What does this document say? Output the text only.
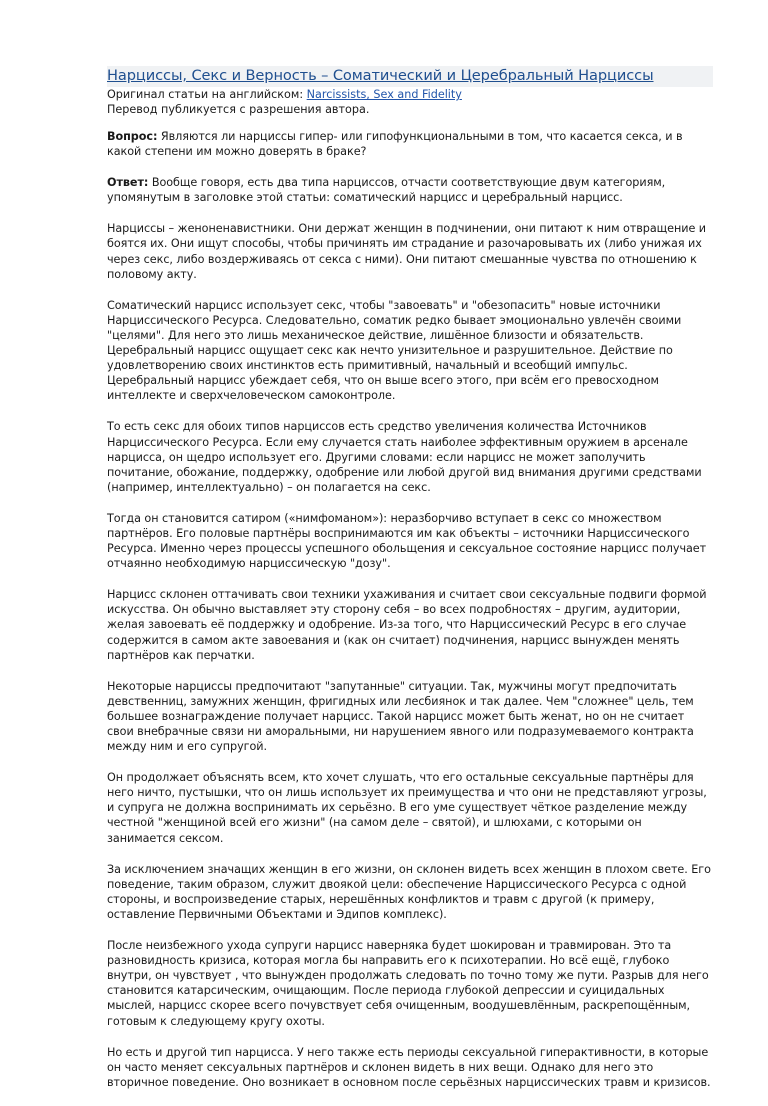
Нарциссы, Секс и Верность – Соматический и Церебральный Нарциссы
Оригинал статьи на английском: Narcissists, Sex and Fidelity
Перевод публикуется с разрешения автора.

Вопрос: Являются ли нарциссы гипер- или гипофункциональными в том, что касается секса, и в какой степени им можно доверять в браке?

Ответ: Вообще говоря, есть два типа нарциссов, отчасти соответствующие двум категориям, упомянутым в заголовке этой статьи: соматический нарцисс и церебральный нарцисс.

Нарциссы – женоненавистники. Они держат женщин в подчинении, они питают к ним отвращение и боятся их. Они ищут способы, чтобы причинять им страдание и разочаровывать их (либо унижая их через секс, либо воздерживаясь от секса с ними). Они питают смешанные чувства по отношению к половому акту.

Соматический нарцисс использует секс, чтобы "завоевать" и "обезопасить" новые источники Нарциссического Ресурса. Следовательно, соматик редко бывает эмоционально увлечён своими "целями". Для него это лишь механическое действие, лишённое близости и обязательств. Церебральный нарцисс ощущает секс как нечто унизительное и разрушительное. Действие по удовлетворению своих инстинктов есть примитивный, начальный и всеобщий импульс. Церебральный нарцисс убеждает себя, что он выше всего этого, при всём его превосходном интеллекте и сверхчеловеческом самоконтроле.

То есть секс для обоих типов нарциссов есть средство увеличения количества Источников Нарциссического Ресурса. Если ему случается стать наиболее эффективным оружием в арсенале нарцисса, он щедро использует его. Другими словами: если нарцисс не может заполучить почитание, обожание, поддержку, одобрение или любой другой вид внимания другими средствами (например, интеллектуально) – он полагается на секс.

Тогда он становится сатиром («нимфоманом»): неразборчиво вступает в секс со множеством партнёров. Его половые партнёры воспринимаются им как объекты – источники Нарциссического Ресурса. Именно через процессы успешного обольщения и сексуальное состояние нарцисс получает отчаянно необходимую нарциссическую "дозу".

Нарцисс склонен оттачивать свои техники ухаживания и считает свои сексуальные подвиги формой искусства. Он обычно выставляет эту сторону себя – во всех подробностях – другим, аудитории, желая завоевать её поддержку и одобрение. Из-за того, что Нарциссический Ресурс в его случае содержится в самом акте завоевания и (как он считает) подчинения, нарцисс вынужден менять партнёров как перчатки.

Некоторые нарциссы предпочитают "запутанные" ситуации. Так, мужчины могут предпочитать девственниц, замужних женщин, фригидных или лесбиянок и так далее. Чем "сложнее" цель, тем большее вознаграждение получает нарцисс. Такой нарцисс может быть женат, но он не считает свои внебрачные связи ни аморальными, ни нарушением явного или подразумеваемого контракта между ним и его супругой.

Он продолжает объяснять всем, кто хочет слушать, что его остальные сексуальные партнёры для него ничто, пустышки, что он лишь использует их преимущества и что они не представляют угрозы, и супруга не должна воспринимать их серьёзно. В его уме существует чёткое разделение между честной "женщиной всей его жизни" (на самом деле – святой), и шлюхами, с которыми он занимается сексом.

За исключением значащих женщин в его жизни, он склонен видеть всех женщин в плохом свете. Его поведение, таким образом, служит двоякой цели: обеспечение Нарциссического Ресурса с одной стороны, и воспроизведение старых, нерешённых конфликтов и травм с другой (к примеру, оставление Первичными Объектами и Эдипов комплекс).

После неизбежного ухода супруги нарцисс наверняка будет шокирован и травмирован. Это та разновидность кризиса, которая могла бы направить его к психотерапии. Но всё ещё, глубоко внутри, он чувствует , что вынужден продолжать следовать по точно тому же пути. Разрыв для него становится катарсическим, очищающим. После периода глубокой депрессии и суицидальных мыслей, нарцисс скорее всего почувствует себя очищенным, воодушевлённым, раскрепощённым, готовым к следующему кругу охоты.

Но есть и другой тип нарцисса. У него также есть периоды сексуальной гиперактивности, в которые он часто меняет сексуальных партнёров и склонен видеть в них вещи. Однако для него это вторичное поведение. Оно возникает в основном после серьёзных нарциссических травм и кризисов.
